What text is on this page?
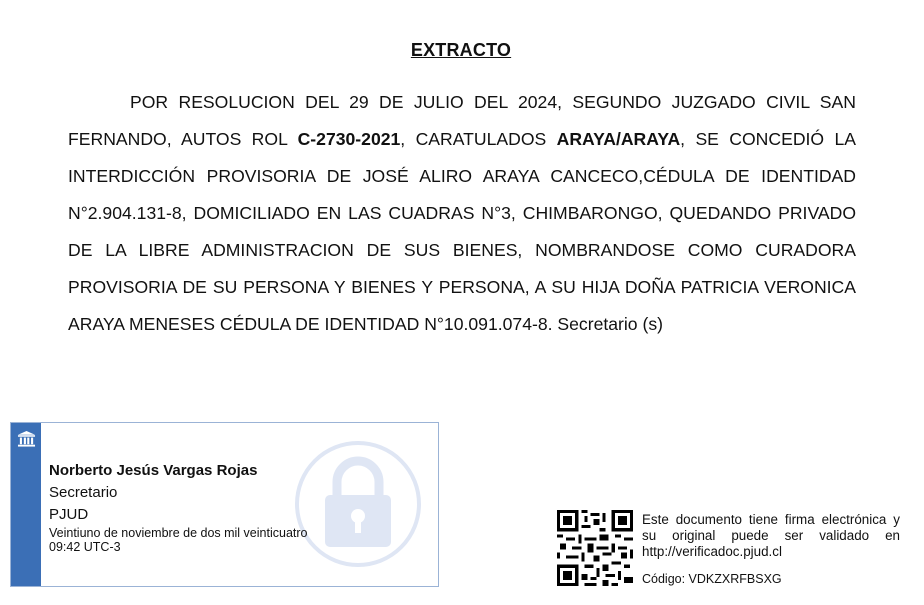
EXTRACTO

POR RESOLUCION DEL 29 DE JULIO DEL 2024, SEGUNDO JUZGADO CIVIL SAN FERNANDO, AUTOS ROL C-2730-2021, CARATULADOS ARAYA/ARAYA, SE CONCEDIÓ LA INTERDICCIÓN PROVISORIA DE JOSÉ ALIRO ARAYA CANCECO,CÉDULA DE IDENTIDAD N°2.904.131-8, DOMICILIADO EN LAS CUADRAS N°3, CHIMBARONGO, QUEDANDO PRIVADO DE LA LIBRE ADMINISTRACION DE SUS BIENES, NOMBRANDOSE COMO CURADORA PROVISORIA DE SU PERSONA Y BIENES Y PERSONA, A SU HIJA DOÑA PATRICIA VERONICA ARAYA MENESES CÉDULA DE IDENTIDAD N°10.091.074-8. Secretario (s)

Norberto Jesús Vargas Rojas
Secretario
PJUD
Veintiuno de noviembre de dos mil veinticuatro
09:42 UTC-3
Este documento tiene firma electrónica y su original puede ser validado en http://verificadoc.pjud.cl
Código: VDKZXRFBSXG
